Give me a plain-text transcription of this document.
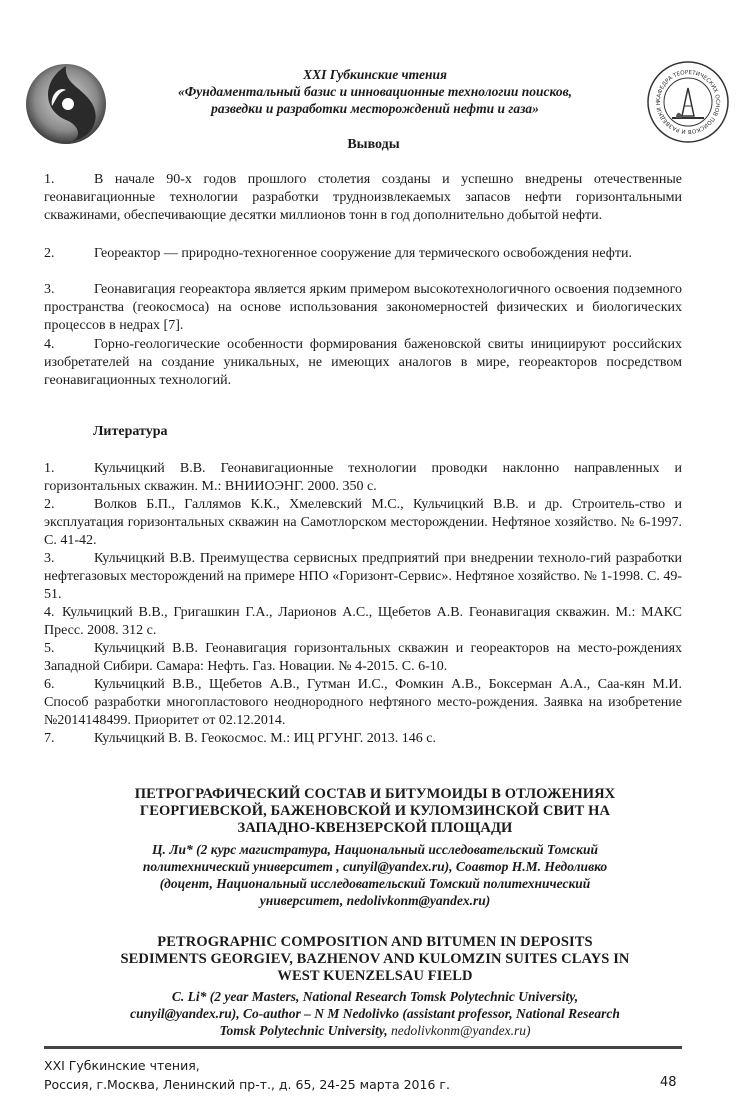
XXI Губкинские чтения
«Фундаментальный базис и инновационные технологии поисков,
разведки и разработки месторождений нефти и газа»
КАФЕДРА ТЕОРЕТИЧЕСКИХ ОСНОВ ПОИСКОВ И РАЗВЕДКИ Н
Выводы
1.	В начале 90-х годов прошлого столетия созданы и успешно внедрены отечественные геонавигационные технологии разработки трудноизвлекаемых запасов нефти горизонтальными скважинами, обеспечивающие десятки миллионов тонн в год дополнительно добытой нефти.
2.	Геореактор — природно-техногенное сооружение для термического освобождения нефти.
3.	Геонавигация геореактора является ярким примером высокотехнологичного освоения подземного пространства (геокосмоса) на основе использования закономерностей физических и биологических процессов в недрах [7].
4.	Горно-геологические особенности формирования баженовской свиты инициируют российских изобретателей на создание уникальных, не имеющих аналогов в мире, геореакторов посредством геонавигационных технологий.
Литература
1.	Кульчицкий В.В. Геонавигационные технологии проводки наклонно направленных и горизонтальных скважин. М.: ВНИИОЭНГ. 2000. 350 с.
2.	Волков Б.П., Галлямов К.К., Хмелевский М.С., Кульчицкий В.В. и др. Строитель-ство и эксплуатация горизонтальных скважин на Самотлорском месторождении. Нефтяное хозяйство. № 6-1997. С. 41-42.
3.	Кульчицкий В.В. Преимущества сервисных предприятий при внедрении техноло-гий разработки нефтегазовых месторождений на примере НПО «Горизонт-Сервис». Нефтяное хозяйство. № 1-1998. С. 49-51.
4. Кульчицкий В.В., Григашкин Г.А., Ларионов А.С., Щебетов А.В. Геонавигация скважин. М.: МАКС Пресс. 2008. 312 с.
5.	Кульчицкий В.В. Геонавигация горизонтальных скважин и геореакторов на место-рождениях Западной Сибири. Самара: Нефть. Газ. Новации. № 4-2015. С. 6-10.
6.	Кульчицкий В.В., Щебетов А.В., Гутман И.С., Фомкин А.В., Боксерман А.А., Саа-кян М.И. Способ разработки многопластового неоднородного нефтяного место-рождения. Заявка на изобретение №2014148499. Приоритет от 02.12.2014.
7.	Кульчицкий В. В. Геокосмос. М.: ИЦ РГУНГ. 2013. 146 с.
ПЕТРОГРАФИЧЕСКИЙ СОСТАВ И БИТУМОИДЫ В ОТЛОЖЕНИЯХ
ГЕОРГИЕВСКОЙ, БАЖЕНОВСКОЙ И КУЛОМЗИНСКОЙ СВИТ НА
ЗАПАДНО-КВЕНЗЕРСКОЙ ПЛОЩАДИ
Ц. Ли* (2 курс магистратура, Национальный исследовательский Томский
политехнический университет , cunyil@yandex.ru), Соавтор Н.М. Недоливко
(доцент, Национальный исследовательский Томский политехнический
университет, nedolivkonm@yandex.ru)
PETROGRAPHIC COMPOSITION AND BITUMEN IN DEPOSITS
SEDIMENTS GEORGIEV, BAZHENOV AND KULOMZIN SUITES CLAYS IN
WEST KUENZELSAU FIELD
C. Li* (2 year Masters, National Research Tomsk Polytechnic University,
cunyil@yandex.ru), Co-author – N M Nedolivko (assistant professor, National Research
Tomsk Polytechnic University, nedolivkonm@yandex.ru)
XXI Губкинские чтения,
Россия, г.Москва, Ленинский пр-т., д. 65, 24-25 марта 2016 г.	48
